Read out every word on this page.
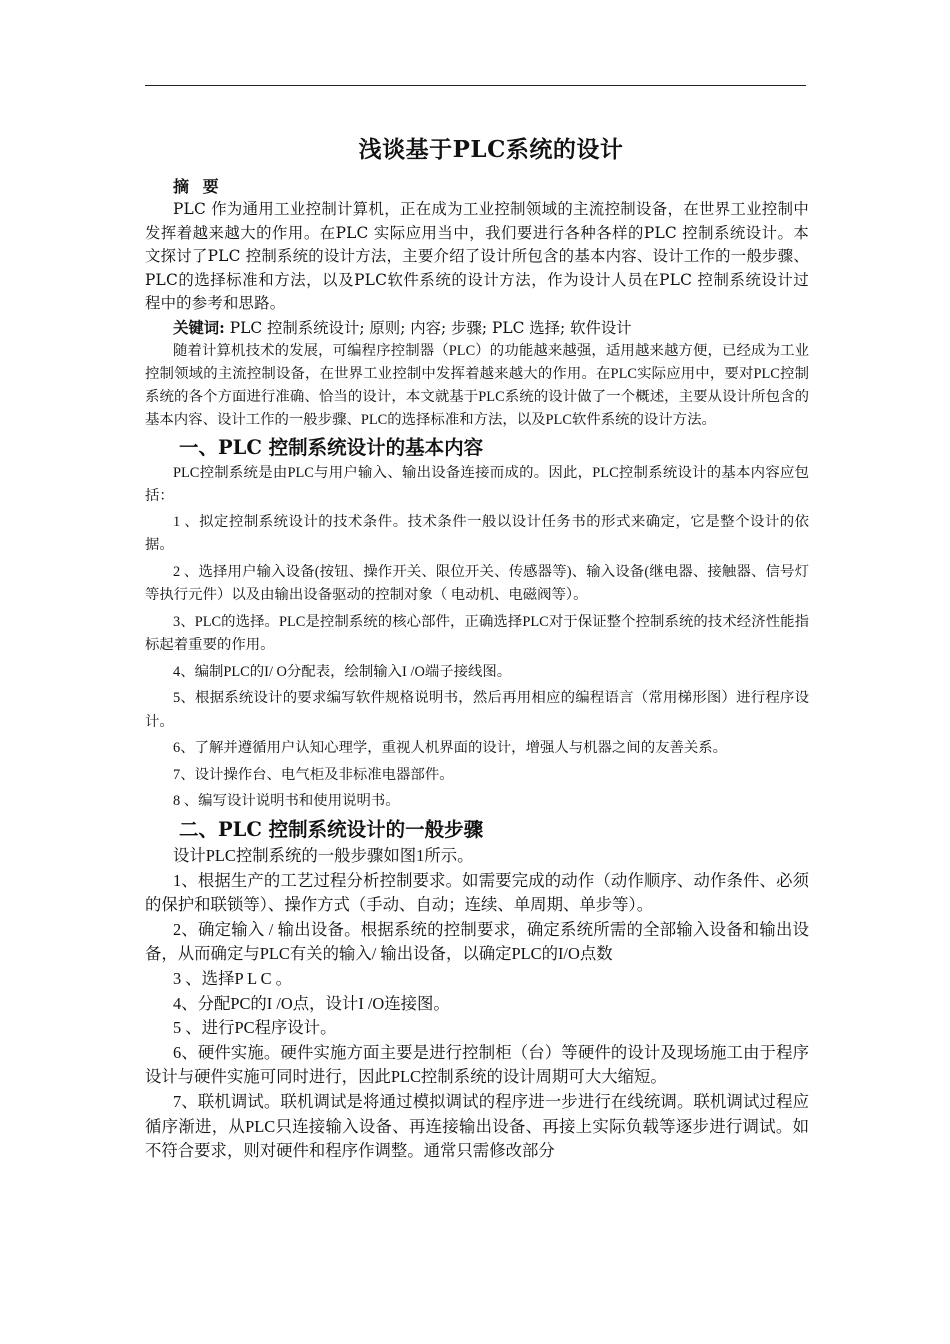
浅谈基于PLC系统的设计
摘 要

PLC 作为通用工业控制计算机，正在成为工业控制领域的主流控制设备，在世界工业控制中发挥着越来越大的作用。在PLC 实际应用当中，我们要进行各种各样的PLC 控制系统设计。本文探讨了PLC 控制系统的设计方法，主要介绍了设计所包含的基本内容、设计工作的一般步骤、PLC的选择标准和方法，以及PLC软件系统的设计方法，作为设计人员在PLC 控制系统设计过程中的参考和思路。

关键词: PLC 控制系统设计; 原则; 内容; 步骤; PLC 选择; 软件设计

随着计算机技术的发展，可编程序控制器（PLC）的功能越来越强，适用越来越方便，已经成为工业控制领域的主流控制设备，在世界工业控制中发挥着越来越大的作用。在PLC实际应用中，要对PLC控制系统的各个方面进行准确、恰当的设计，本文就基于PLC系统的设计做了一个概述，主要从设计所包含的基本内容、设计工作的一般步骤、PLC的选择标准和方法，以及PLC软件系统的设计方法。

一、PLC 控制系统设计的基本内容

PLC控制系统是由PLC与用户输入、输出设备连接而成的。因此，PLC控制系统设计的基本内容应包括：

1 、拟定控制系统设计的技术条件。技术条件一般以设计任务书的形式来确定，它是整个设计的依据。

2 、选择用户输入设备(按钮、操作开关、限位开关、传感器等)、输入设备(继电器、接触器、信号灯等执行元件）以及由输出设备驱动的控制对象（ 电动机、电磁阀等）。

3、PLC的选择。PLC是控制系统的核心部件，正确选择PLC对于保证整个控制系统的技术经济性能指标起着重要的作用。

4、编制PLC的I/ O分配表，绘制输入I /O端子接线图。

5、根据系统设计的要求编写软件规格说明书，然后再用相应的编程语言（常用梯形图）进行程序设计。

6、了解并遵循用户认知心理学，重视人机界面的设计，增强人与机器之间的友善关系。

7、设计操作台、电气柜及非标准电器部件。

8 、编写设计说明书和使用说明书。

二、PLC 控制系统设计的一般步骤

设计PLC控制系统的一般步骤如图1所示。

1、根据生产的工艺过程分析控制要求。如需要完成的动作（动作顺序、动作条件、必须的保护和联锁等）、操作方式（手动、自动；连续、单周期、单步等）。

2、确定输入 / 输出设备。根据系统的控制要求，确定系统所需的全部输入设备和输出设备，从而确定与PLC有关的输入/ 输出设备，以确定PLC的I/O点数

3 、选择P L C 。

4、分配PC的I /O点，设计I /O连接图。

5 、进行PC程序设计。

6、硬件实施。硬件实施方面主要是进行控制柜（台）等硬件的设计及现场施工由于程序设计与硬件实施可同时进行，因此PLC控制系统的设计周期可大大缩短。

7、联机调试。联机调试是将通过模拟调试的程序进一步进行在线统调。联机调试过程应循序渐进，从PLC只连接输入设备、再连接输出设备、再接上实际负载等逐步进行调试。如不符合要求，则对硬件和程序作调整。通常只需修改部分
